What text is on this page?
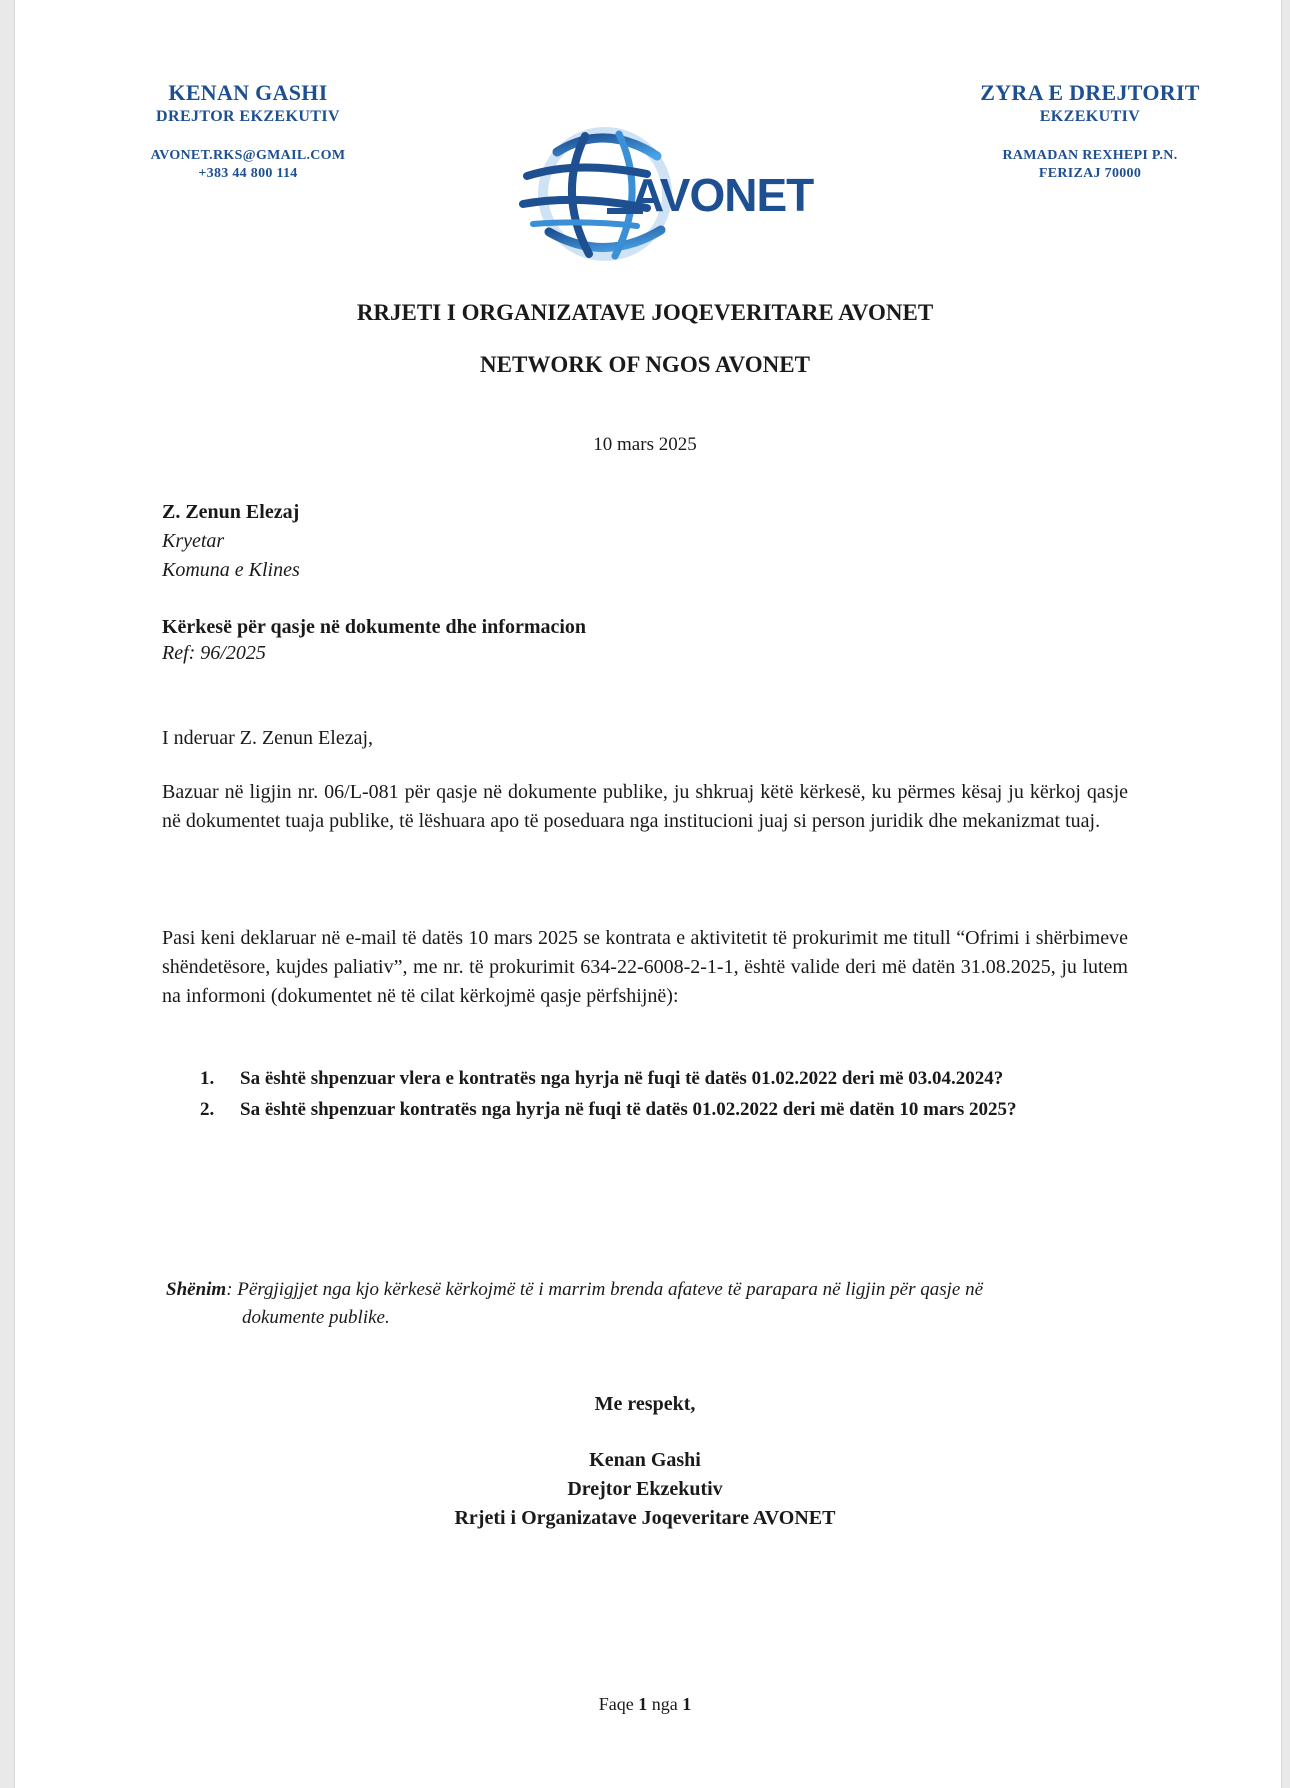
KENAN GASHI
DREJTOR EKZEKUTIV
AVONET.RKS@GMAIL.COM
+383 44 800 114	AVONET
ZYRA E DREJTORIT
EKZEKUTIV
RAMADAN REXHEPI P.N.
FERIZAJ 70000
RRJETI I ORGANIZATAVE JOQEVERITARE AVONET
NETWORK OF NGOS AVONET
10 mars 2025
Z. Zenun Elezaj
Kryetar
Komuna e Klines
Kërkesë për qasje në dokumente dhe informacion
Ref: 96/2025
I nderuar Z. Zenun Elezaj,
Bazuar në ligjin nr. 06/L-081 për qasje në dokumente publike, ju shkruaj këtë kërkesë, ku përmes kësaj ju kërkoj qasje në dokumentet tuaja publike, të lëshuara apo të poseduara nga institucioni juaj si person juridik dhe mekanizmat tuaj.
Pasi keni deklaruar në e-mail të datës 10 mars 2025 se kontrata e aktivitetit të prokurimit me titull “Ofrimi i shërbimeve shëndetësore, kujdes paliativ”, me nr. të prokurimit 634-22-6008-2-1-1, është valide deri më datën 31.08.2025, ju lutem na informoni (dokumentet në të cilat kërkojmë qasje përfshijnë):
1.	Sa është shpenzuar vlera e kontratës nga hyrja në fuqi të datës 01.02.2022 deri më 03.04.2024?
2.	Sa është shpenzuar kontratës nga hyrja në fuqi të datës 01.02.2022 deri më datën 10 mars 2025?
Shënim: Përgjigjjet nga kjo kërkesë kërkojmë të i marrim brenda afateve të parapara në ligjin për qasje në
dokumente publike.
Me respekt,
Kenan Gashi
Drejtor Ekzekutiv
Rrjeti i Organizatave Joqeveritare AVONET
Faqe 1 nga 1
